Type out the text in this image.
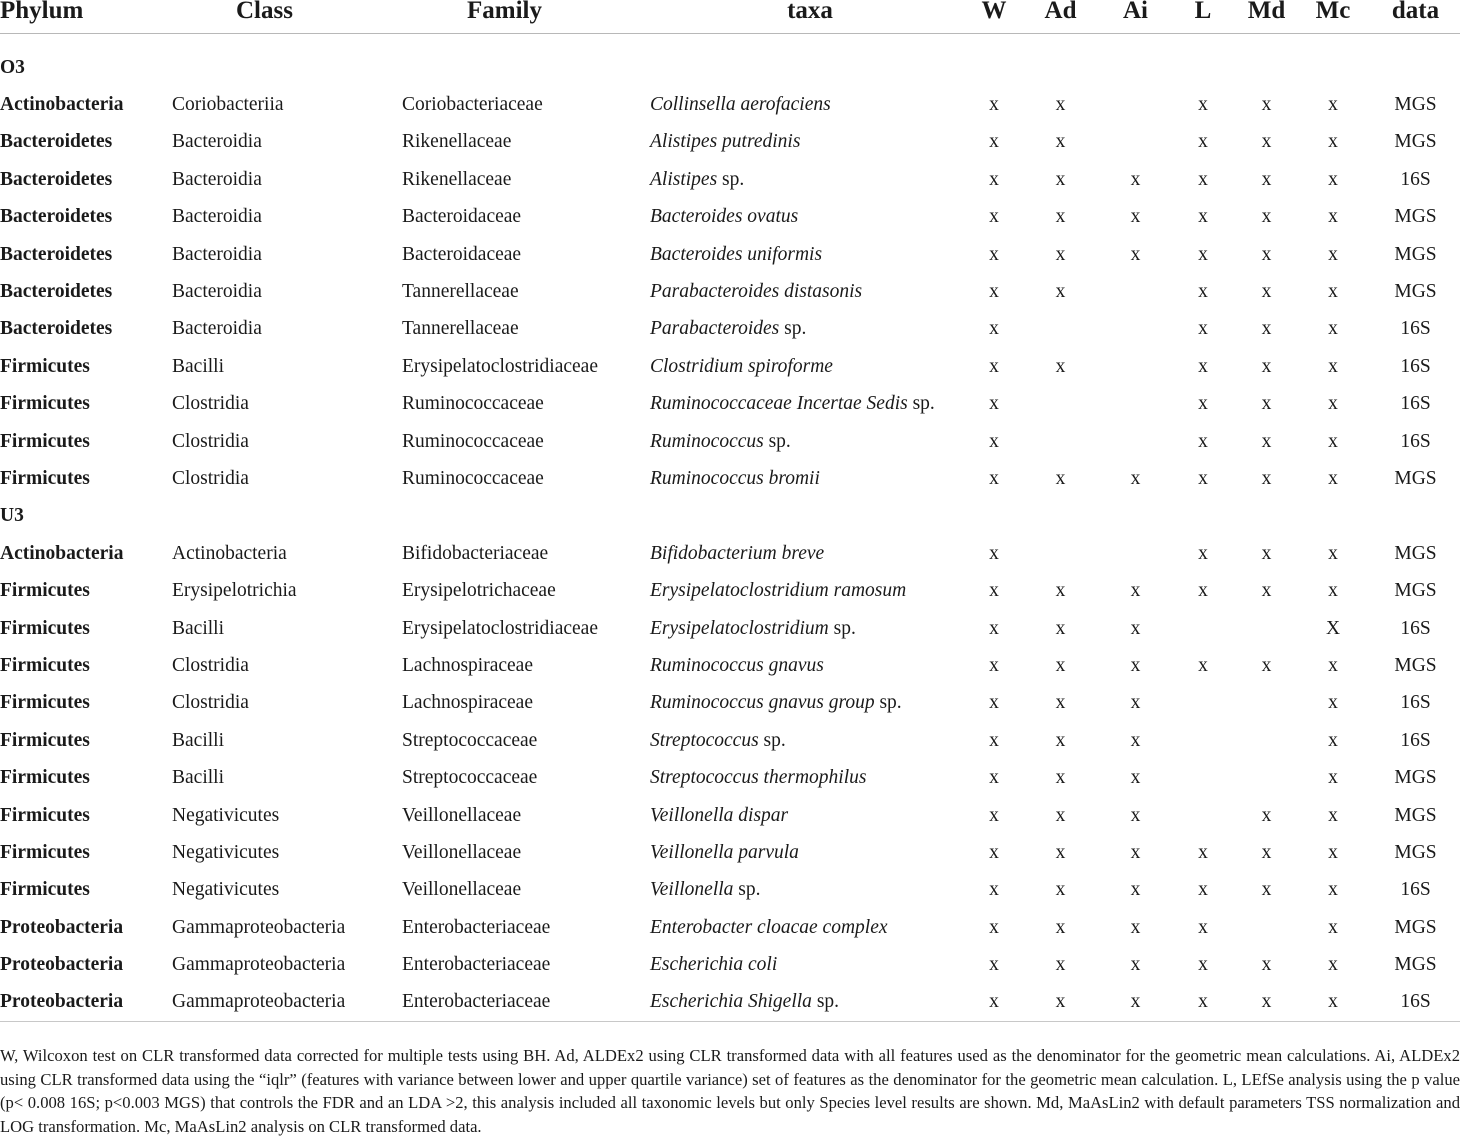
Phylum	Class	Family	taxa	W	Ad	Ai	L	Md	Mc	data

O3										
Actinobacteria	Coriobacteriia	Coriobacteriaceae	Collinsella aerofaciens	x	x		x	x	x	MGS
Bacteroidetes	Bacteroidia	Rikenellaceae	Alistipes putredinis	x	x		x	x	x	MGS
Bacteroidetes	Bacteroidia	Rikenellaceae	Alistipes sp.	x	x	x	x	x	x	16S
Bacteroidetes	Bacteroidia	Bacteroidaceae	Bacteroides ovatus	x	x	x	x	x	x	MGS
Bacteroidetes	Bacteroidia	Bacteroidaceae	Bacteroides uniformis	x	x	x	x	x	x	MGS
Bacteroidetes	Bacteroidia	Tannerellaceae	Parabacteroides distasonis	x	x		x	x	x	MGS
Bacteroidetes	Bacteroidia	Tannerellaceae	Parabacteroides sp.	x			x	x	x	16S
Firmicutes	Bacilli	Erysipelatoclostridiaceae	Clostridium spiroforme	x	x		x	x	x	16S
Firmicutes	Clostridia	Ruminococcaceae	Ruminococcaceae Incertae Sedis sp.	x			x	x	x	16S
Firmicutes	Clostridia	Ruminococcaceae	Ruminococcus sp.	x			x	x	x	16S
Firmicutes	Clostridia	Ruminococcaceae	Ruminococcus bromii	x	x	x	x	x	x	MGS
U3										
Actinobacteria	Actinobacteria	Bifidobacteriaceae	Bifidobacterium breve	x			x	x	x	MGS
Firmicutes	Erysipelotrichia	Erysipelotrichaceae	Erysipelatoclostridium ramosum	x	x	x	x	x	x	MGS
Firmicutes	Bacilli	Erysipelatoclostridiaceae	Erysipelatoclostridium sp.	x	x	x			X	16S
Firmicutes	Clostridia	Lachnospiraceae	Ruminococcus gnavus	x	x	x	x	x	x	MGS
Firmicutes	Clostridia	Lachnospiraceae	Ruminococcus gnavus group sp.	x	x	x			x	16S
Firmicutes	Bacilli	Streptococcaceae	Streptococcus sp.	x	x	x			x	16S
Firmicutes	Bacilli	Streptococcaceae	Streptococcus thermophilus	x	x	x			x	MGS
Firmicutes	Negativicutes	Veillonellaceae	Veillonella dispar	x	x	x		x	x	MGS
Firmicutes	Negativicutes	Veillonellaceae	Veillonella parvula	x	x	x	x	x	x	MGS
Firmicutes	Negativicutes	Veillonellaceae	Veillonella sp.	x	x	x	x	x	x	16S
Proteobacteria	Gammaproteobacteria	Enterobacteriaceae	Enterobacter cloacae complex	x	x	x	x		x	MGS
Proteobacteria	Gammaproteobacteria	Enterobacteriaceae	Escherichia coli	x	x	x	x	x	x	MGS
Proteobacteria	Gammaproteobacteria	Enterobacteriaceae	Escherichia Shigella sp.	x	x	x	x	x	x	16S
W, Wilcoxon test on CLR transformed data corrected for multiple tests using BH. Ad, ALDEx2 using CLR transformed data with all features used as the denominator for the geometric mean calculations. Ai, ALDEx2 using CLR transformed data using the “iqlr” (features with variance between lower and upper quartile variance) set of features as the denominator for the geometric mean calculation. L, LEfSe analysis using the p value (p< 0.008 16S; p<0.003 MGS) that controls the FDR and an LDA >2, this analysis included all taxonomic levels but only Species level results are shown. Md, MaAsLin2 with default parameters TSS normalization and LOG transformation. Mc, MaAsLin2 analysis on CLR transformed data.
